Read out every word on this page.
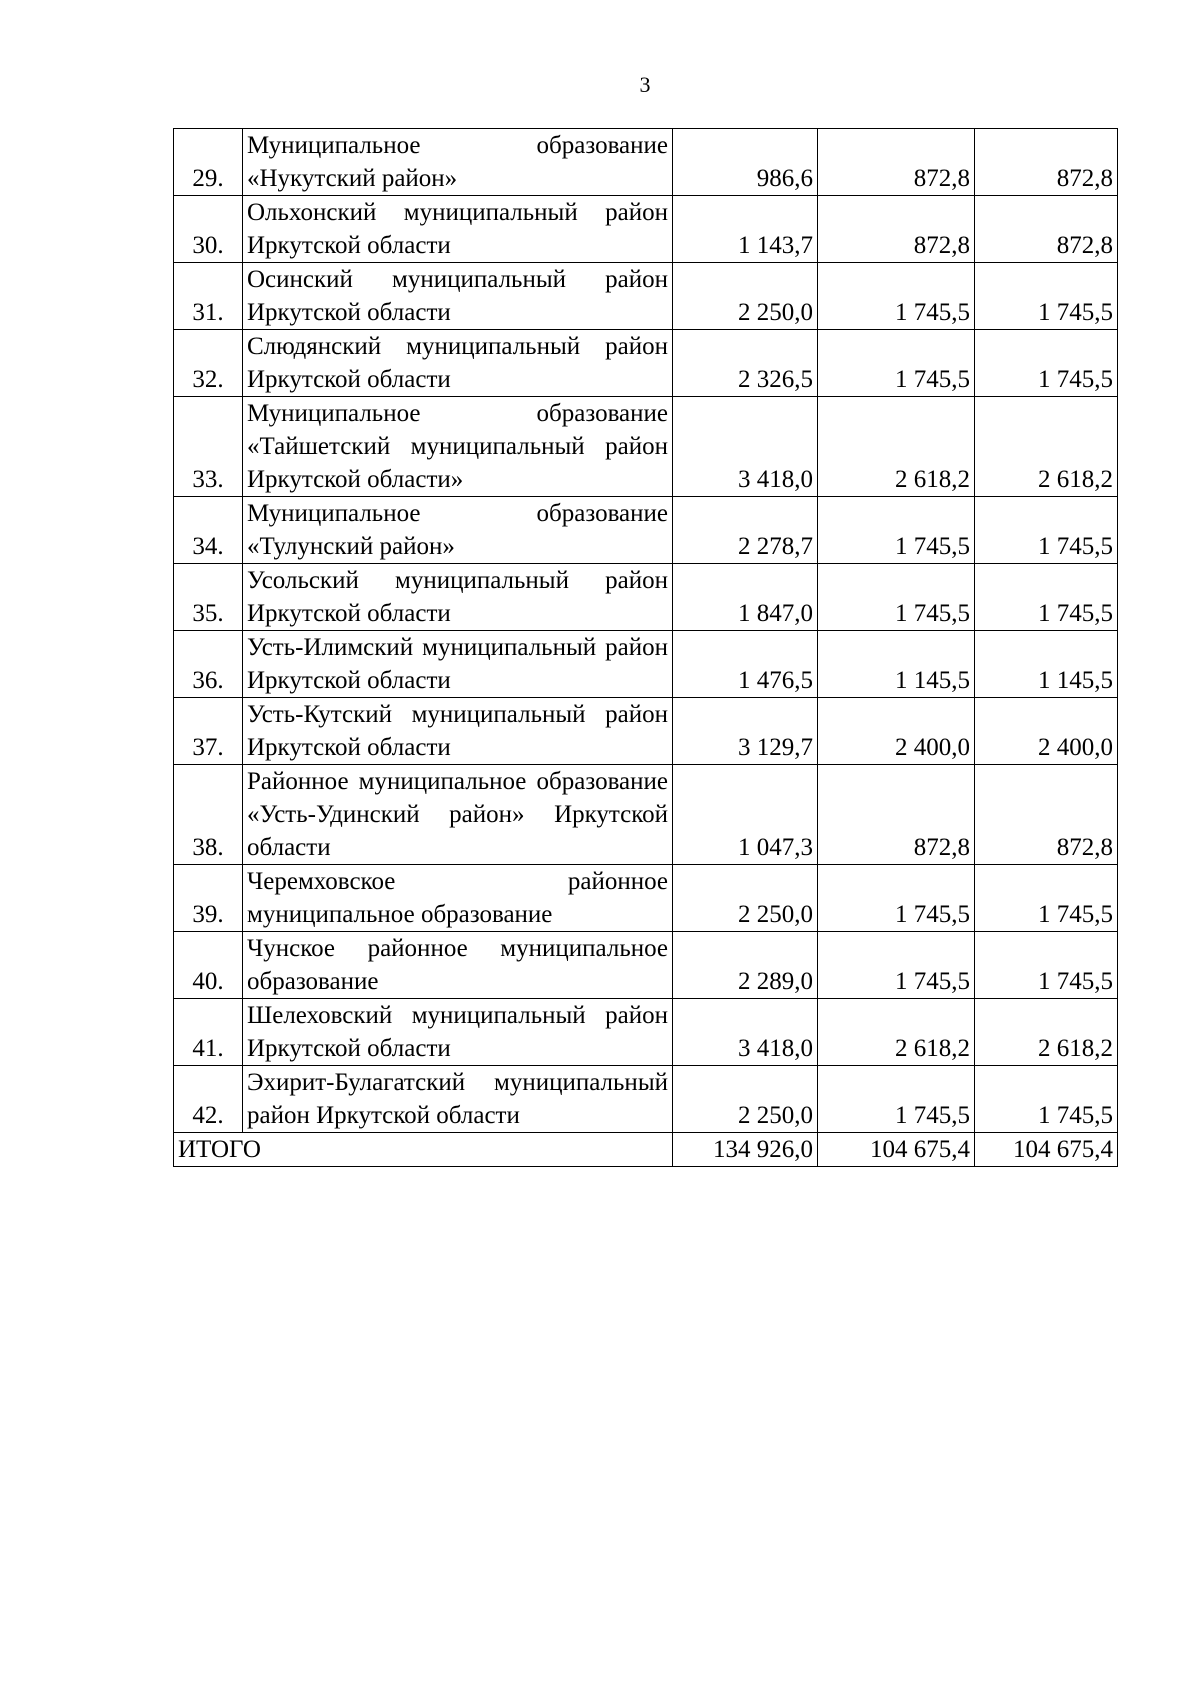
3
29.	Муниципальное образование «Нукутский район»	986,6	872,8	872,8
30.	Ольхонский муниципальный район Иркутской области	1 143,7	872,8	872,8
31.	Осинский муниципальный район Иркутской области	2 250,0	1 745,5	1 745,5
32.	Слюдянский муниципальный район Иркутской области	2 326,5	1 745,5	1 745,5
33.	Муниципальное образование «Тайшетский муниципальный район Иркутской области»	3 418,0	2 618,2	2 618,2
34.	Муниципальное образование «Тулунский район»	2 278,7	1 745,5	1 745,5
35.	Усольский муниципальный район Иркутской области	1 847,0	1 745,5	1 745,5
36.	Усть-Илимский муниципальный район Иркутской области	1 476,5	1 145,5	1 145,5
37.	Усть-Кутский муниципальный район Иркутской области	3 129,7	2 400,0	2 400,0
38.	Районное муниципальное образование «Усть-Удинский район» Иркутской области	1 047,3	872,8	872,8
39.	Черемховское районное муниципальное образование	2 250,0	1 745,5	1 745,5
40.	Чунское районное муниципальное образование	2 289,0	1 745,5	1 745,5
41.	Шелеховский муниципальный район Иркутской области	3 418,0	2 618,2	2 618,2
42.	Эхирит-Булагатский муниципальный район Иркутской области	2 250,0	1 745,5	1 745,5
ИТОГО		134 926,0	104 675,4	104 675,4
